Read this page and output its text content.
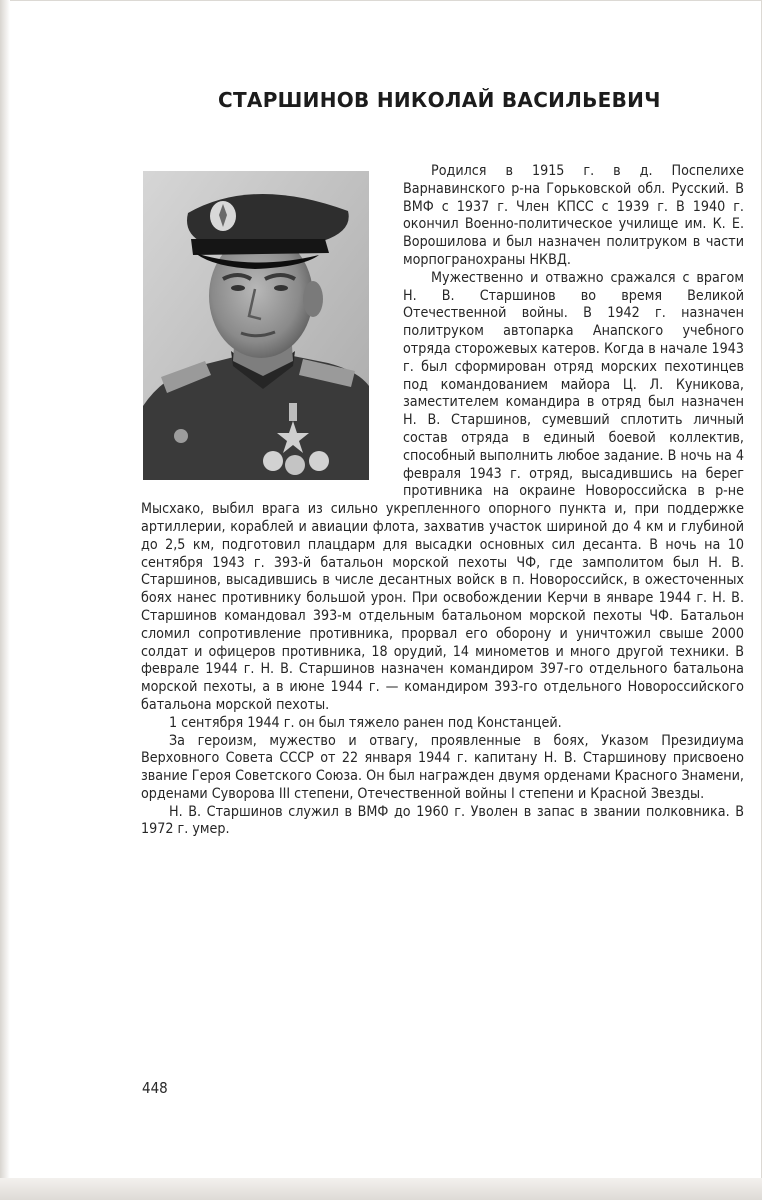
СТАРШИНОВ НИКОЛАЙ ВАСИЛЬЕВИЧ

Родился в 1915 г. в д. Поспелихе Варнавинского р-на Горьковской обл. Русский. В ВМФ с 1937 г. Член КПСС с 1939 г. В 1940 г. окончил Военно-политическое училище им. К. Е. Ворошилова и был назначен политруком в части морпогранохраны НКВД.

Мужественно и отважно сражался с врагом Н. В. Старшинов во время Великой Отечественной войны. В 1942 г. назначен политруком автопарка Анапского учебного отряда сторожевых катеров. Когда в начале 1943 г. был сформирован отряд морских пехотинцев под командованием майора Ц. Л. Куникова, заместителем командира в отряд был назначен Н. В. Старшинов, сумевший сплотить личный состав отряда в единый боевой коллектив, способный выполнить любое задание. В ночь на 4 февраля 1943 г. отряд, высадившись на берег противника на окраине Новороссийска в р-не Мысхако, выбил врага из сильно укрепленного опорного пункта и, при поддержке артиллерии, кораблей и авиации флота, захватив участок шириной до 4 км и глубиной до 2,5 км, подготовил плацдарм для высадки основных сил десанта. В ночь на 10 сентября 1943 г. 393-й батальон морской пехоты ЧФ, где замполитом был Н. В. Старшинов, высадившись в числе десантных войск в п. Новороссийск, в ожесточенных боях нанес противнику большой урон. При освобождении Керчи в январе 1944 г. Н. В. Старшинов командовал 393-м отдельным батальоном морской пехоты ЧФ. Батальон сломил сопротивление противника, прорвал его оборону и уничтожил свыше 2000 солдат и офицеров противника, 18 орудий, 14 минометов и много другой техники. В феврале 1944 г. Н. В. Старшинов назначен командиром 397-го отдельного батальона морской пехоты, а в июне 1944 г. — командиром 393-го отдельного Новороссийского батальона морской пехоты.

1 сентября 1944 г. он был тяжело ранен под Констанцей.

За героизм, мужество и отвагу, проявленные в боях, Указом Президиума Верховного Совета СССР от 22 января 1944 г. капитану Н. В. Старшинову присвоено звание Героя Советского Союза. Он был награжден двумя орденами Красного Знамени, орденами Суворова III степени, Отечественной войны I степени и Красной Звезды.

Н. В. Старшинов служил в ВМФ до 1960 г. Уволен в запас в звании полковника. В 1972 г. умер.

448
